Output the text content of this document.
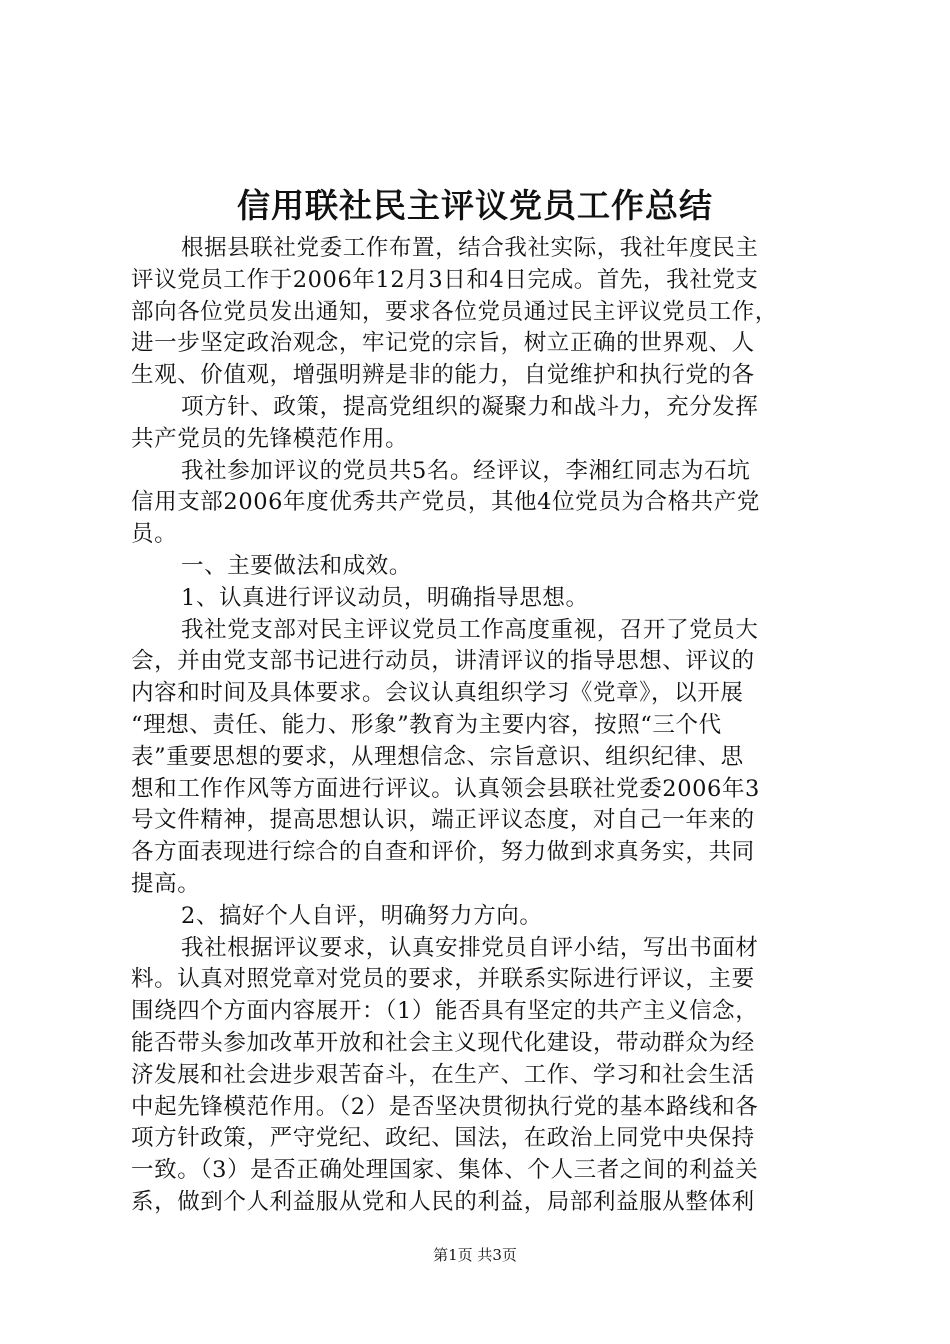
信用联社民主评议党员工作总结
根据县联社党委工作布置，结合我社实际，我社年度民主
评议党员工作于2006年12月3日和4日完成。首先，我社党支
部向各位党员发出通知，要求各位党员通过民主评议党员工作，
进一步坚定政治观念，牢记党的宗旨，树立正确的世界观、人
生观、价值观，增强明辨是非的能力，自觉维护和执行党的各
项方针、政策，提高党组织的凝聚力和战斗力，充分发挥
共产党员的先锋模范作用。
我社参加评议的党员共5名。经评议，李湘红同志为石坑
信用支部2006年度优秀共产党员，其他4位党员为合格共产党
员。
一、主要做法和成效。
1、认真进行评议动员，明确指导思想。
我社党支部对民主评议党员工作高度重视，召开了党员大
会，并由党支部书记进行动员，讲清评议的指导思想、评议的
内容和时间及具体要求。会议认真组织学习《党章》，以开展
“理想、责任、能力、形象”教育为主要内容，按照“三个代
表”重要思想的要求，从理想信念、宗旨意识、组织纪律、思
想和工作作风等方面进行评议。认真领会县联社党委2006年3
号文件精神，提高思想认识，端正评议态度，对自己一年来的
各方面表现进行综合的自查和评价，努力做到求真务实，共同
提高。
2、搞好个人自评，明确努力方向。
我社根据评议要求，认真安排党员自评小结，写出书面材
料。认真对照党章对党员的要求，并联系实际进行评议，主要
围绕四个方面内容展开：（1）能否具有坚定的共产主义信念，
能否带头参加改革开放和社会主义现代化建设，带动群众为经
济发展和社会进步艰苦奋斗，在生产、工作、学习和社会生活
中起先锋模范作用。（2）是否坚决贯彻执行党的基本路线和各
项方针政策，严守党纪、政纪、国法，在政治上同党中央保持
一致。（3）是否正确处理国家、集体、个人三者之间的利益关
系，做到个人利益服从党和人民的利益，局部利益服从整体利
第1页 共3页
